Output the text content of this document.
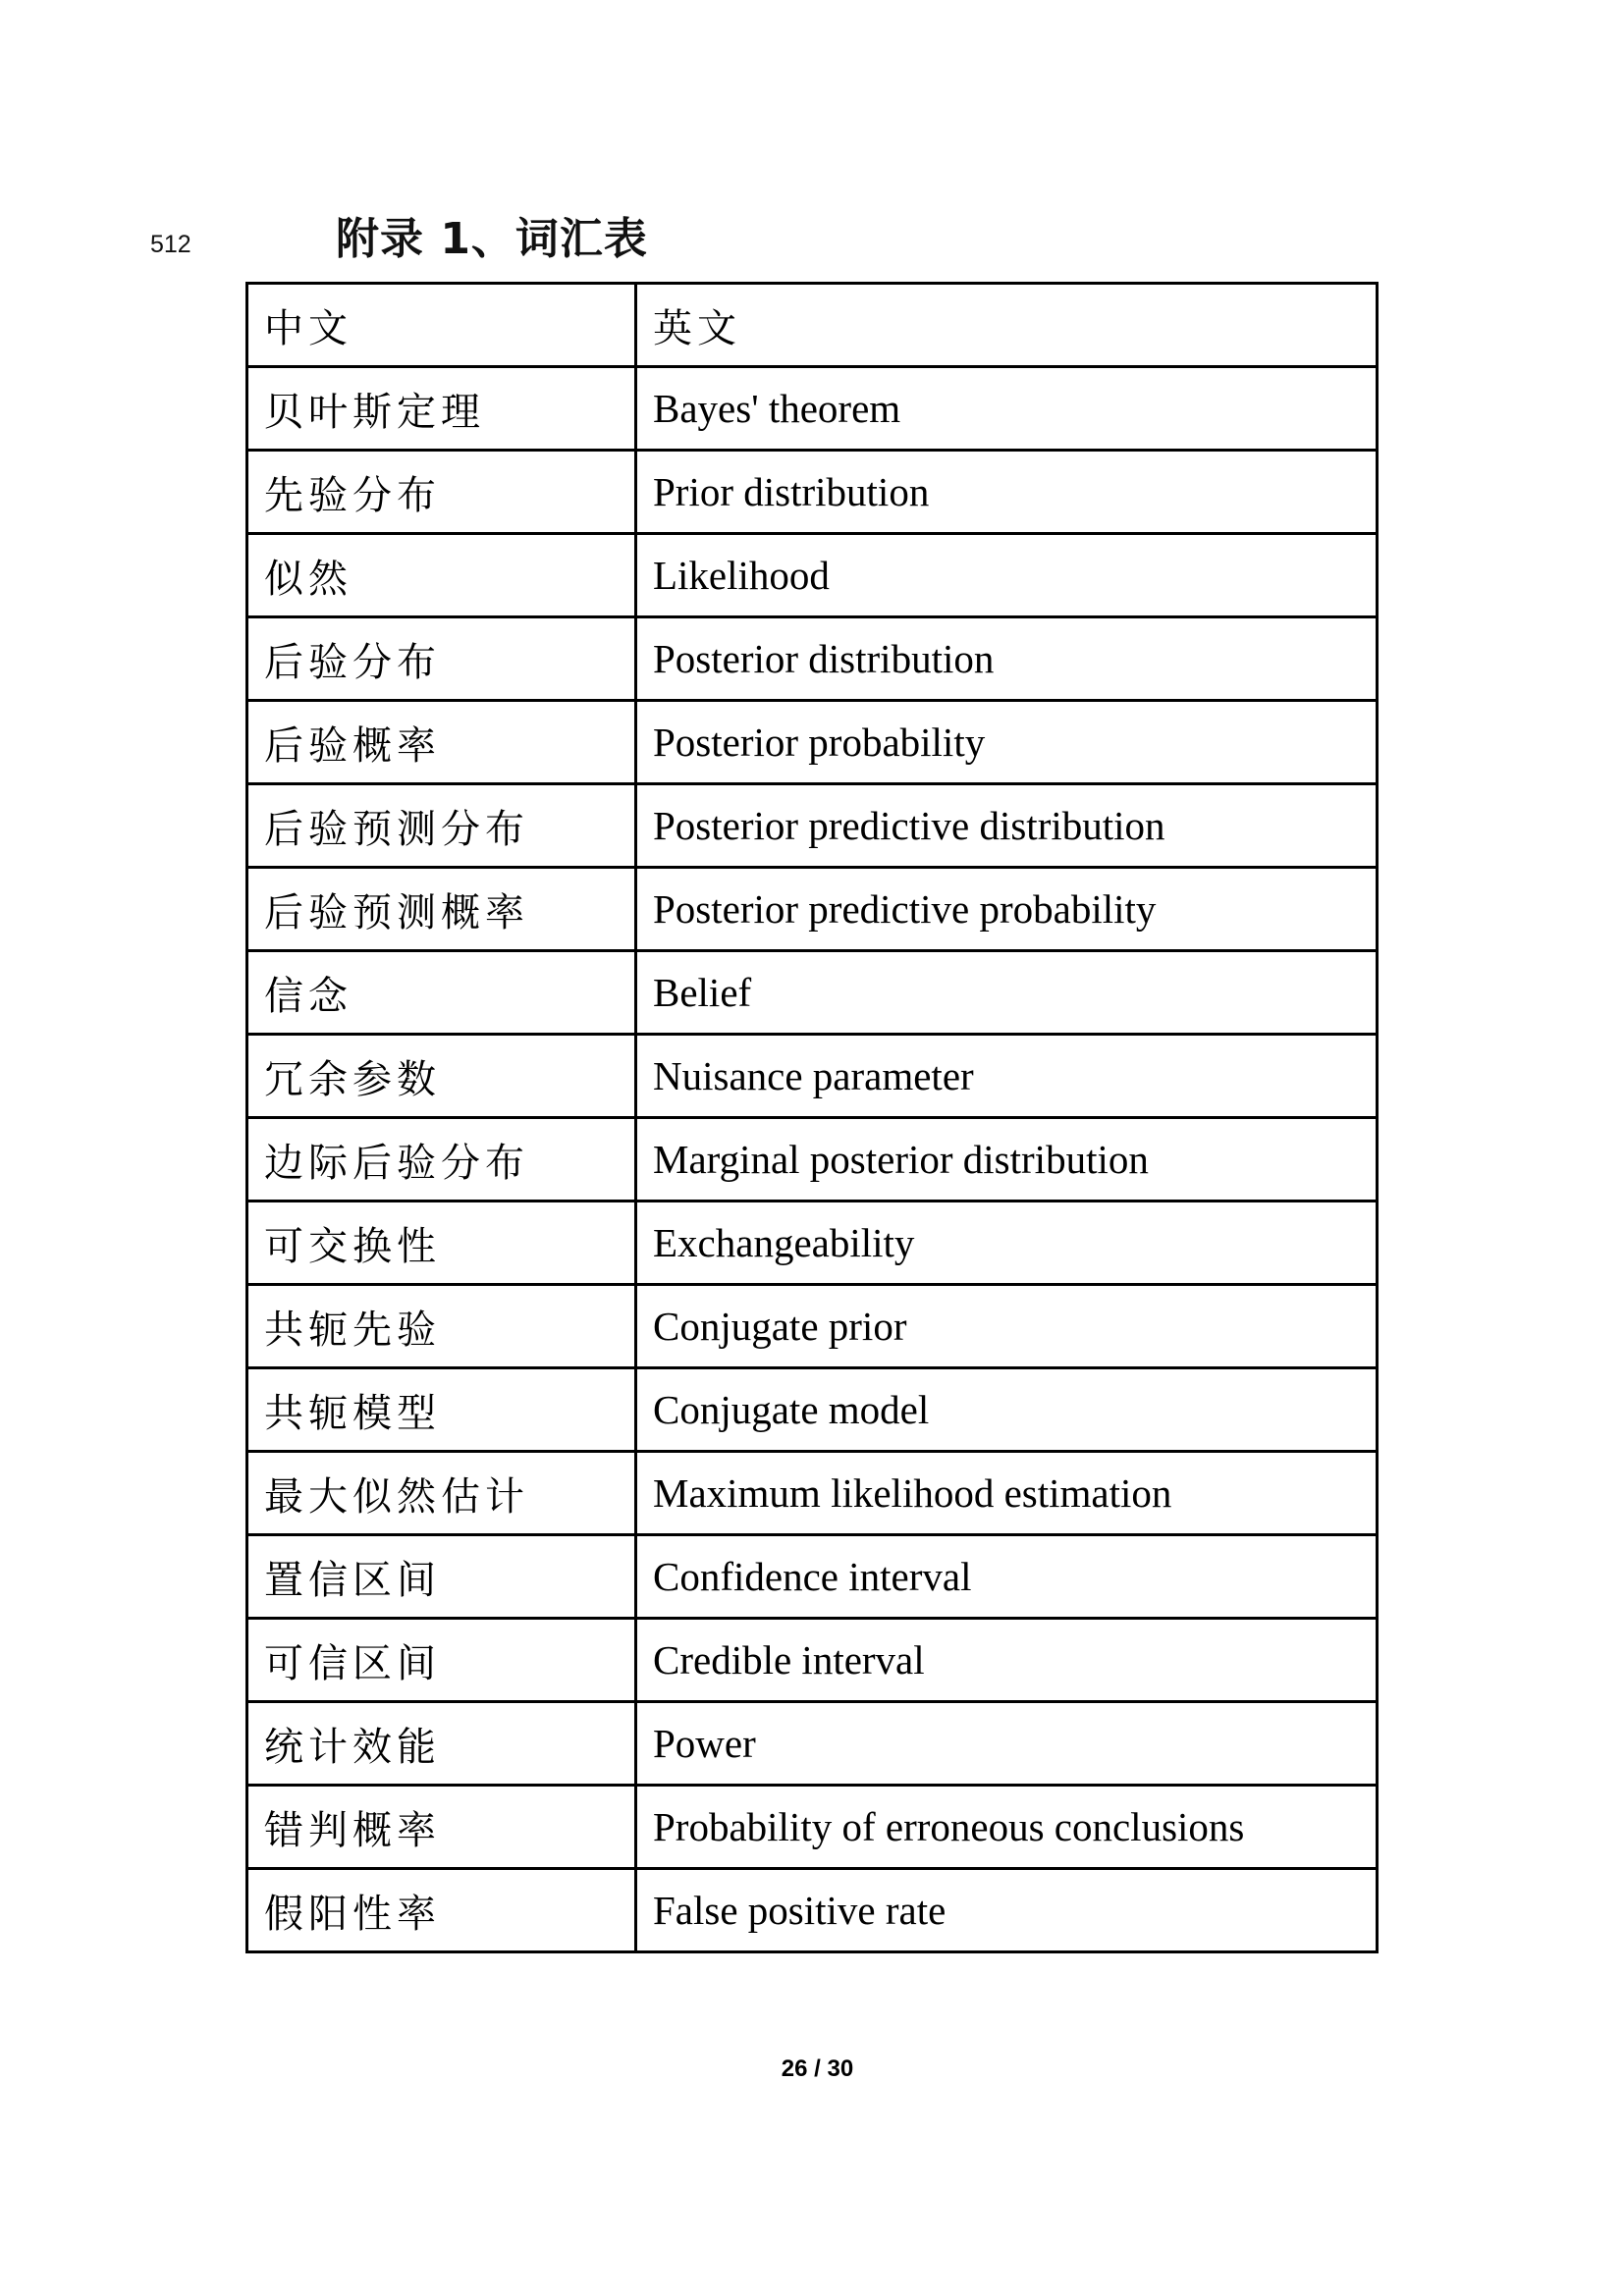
512	附录 1、词汇表
中文	英文
贝叶斯定理	Bayes' theorem
先验分布	Prior distribution
似然	Likelihood
后验分布	Posterior distribution
后验概率	Posterior probability
后验预测分布	Posterior predictive distribution
后验预测概率	Posterior predictive probability
信念	Belief
冗余参数	Nuisance parameter
边际后验分布	Marginal posterior distribution
可交换性	Exchangeability
共轭先验	Conjugate prior
共轭模型	Conjugate model
最大似然估计	Maximum likelihood estimation
置信区间	Confidence interval
可信区间	Credible interval
统计效能	Power
错判概率	Probability of erroneous conclusions
假阳性率	False positive rate
26 / 30
